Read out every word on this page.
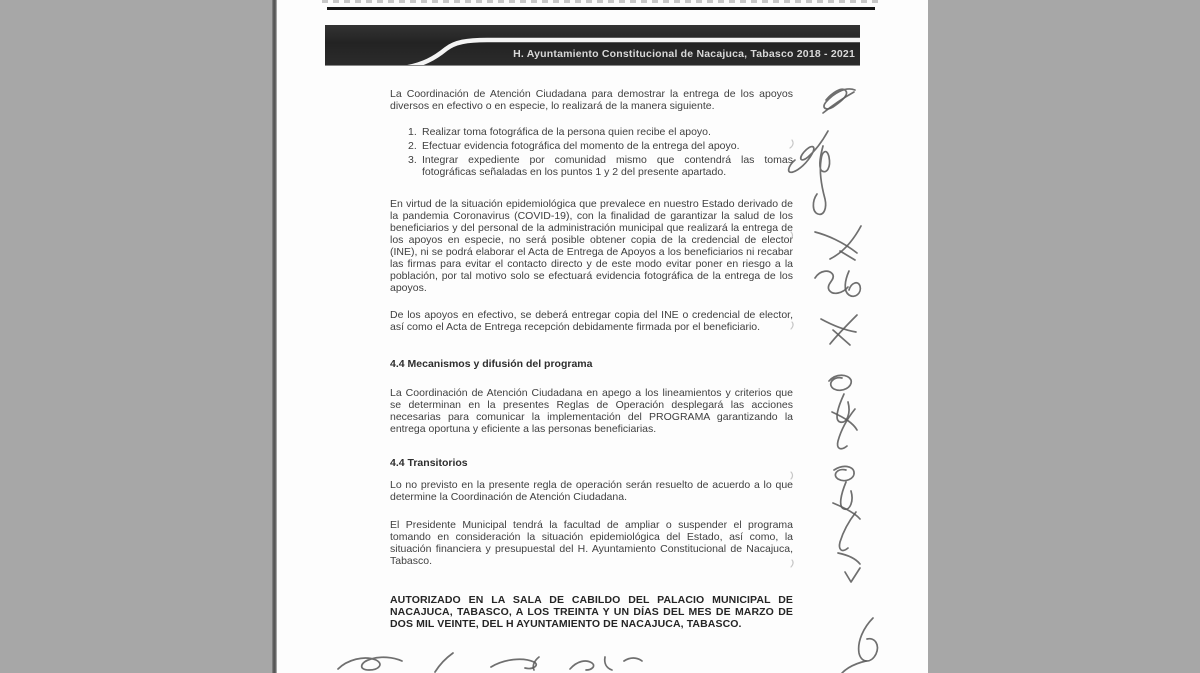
H. Ayuntamiento Constitucional de Nacajuca, Tabasco 2018 - 2021

La Coordinación de Atención Ciudadana para demostrar la entrega de los apoyos diversos en efectivo o en especie, lo realizará de la manera siguiente.

1. Realizar toma fotográfica de la persona quien recibe el apoyo.
2. Efectuar evidencia fotográfica del momento de la entrega del apoyo.
3. Integrar expediente por comunidad mismo que contendrá las tomas fotográficas señaladas en los puntos 1 y 2 del presente apartado.

En virtud de la situación epidemiológica que prevalece en nuestro Estado derivado de la pandemia Coronavirus (COVID-19), con la finalidad de garantizar la salud de los beneficiarios y del personal de la administración municipal que realizará la entrega de los apoyos en especie, no será posible obtener copia de la credencial de elector (INE), ni se podrá elaborar el Acta de Entrega de Apoyos a los beneficiarios ni recabar las firmas para evitar el contacto directo y de este modo evitar poner en riesgo a la población, por tal motivo solo se efectuará evidencia fotográfica de la entrega de los apoyos.

De los apoyos en efectivo, se deberá entregar copia del INE o credencial de elector, así como el Acta de Entrega recepción debidamente firmada por el beneficiario.

4.4 Mecanismos y difusión del programa

La Coordinación de Atención Ciudadana en apego a los lineamientos y criterios que se determinan en la presentes Reglas de Operación desplegará las acciones necesarias para comunicar la implementación del PROGRAMA garantizando la entrega oportuna y eficiente a las personas beneficiarias.

4.4 Transitorios

Lo no previsto en la presente regla de operación serán resuelto de acuerdo a lo que determine la Coordinación de Atención Ciudadana.

El Presidente Municipal tendrá la facultad de ampliar o suspender el programa tomando en consideración la situación epidemiológica del Estado, así como, la situación financiera y presupuestal del H. Ayuntamiento Constitucional de Nacajuca, Tabasco.

AUTORIZADO EN LA SALA DE CABILDO DEL PALACIO MUNICIPAL DE NACAJUCA, TABASCO, A LOS TREINTA Y UN DÍAS DEL MES DE MARZO DE DOS MIL VEINTE, DEL H AYUNTAMIENTO DE NACAJUCA, TABASCO.
